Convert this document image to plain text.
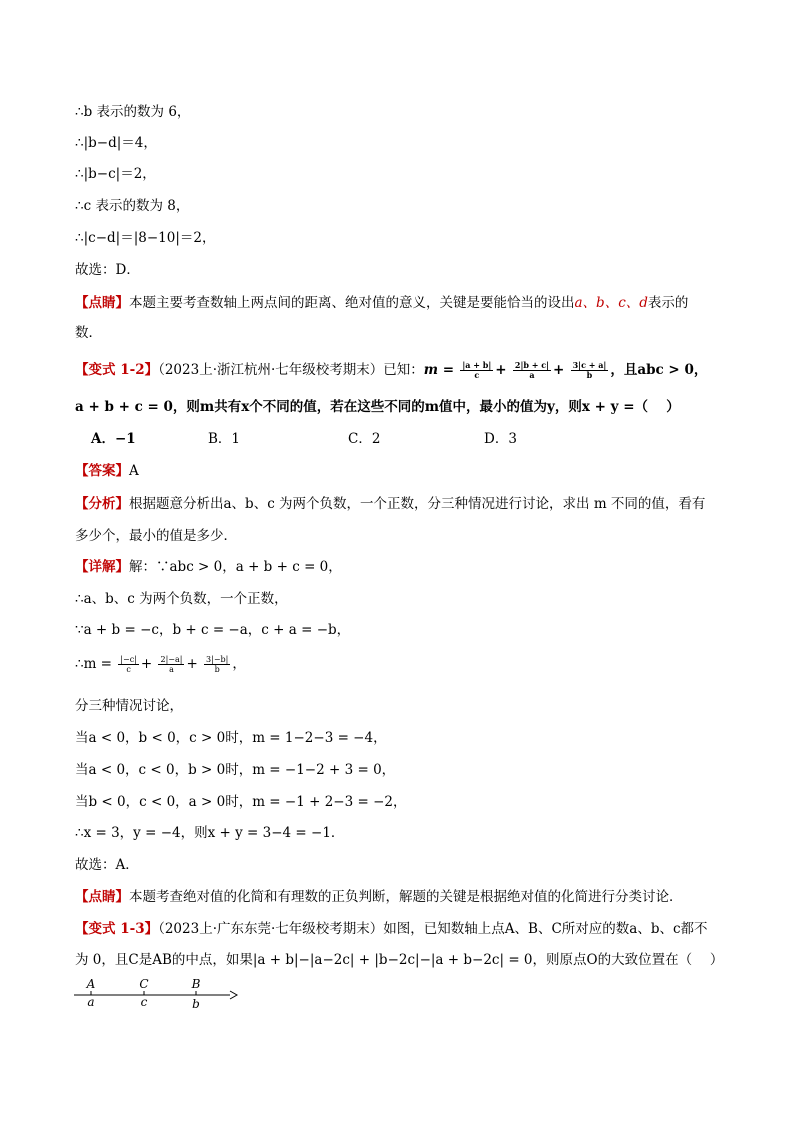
∴b 表示的数为 6，
∴|b−d|＝4，
∴|b−c|＝2，
∴c 表示的数为 8，
∴|c−d|＝|8−10|＝2，
故选：D．
【点睛】本题主要考查数轴上两点间的距离、绝对值的意义，关键是要能恰当的设出a、b、c、d表示的
数．
【变式 1-2】（2023上·浙江杭州·七年级校考期末）已知：$m = \frac{|a + b|}{c} + \frac{2|b + c|}{a} + \frac{3|c + a|}{b}$ ，且abc > 0，
a + b + c = 0，则m共有x个不同的值，若在这些不同的m值中，最小的值为y，则x + y =（　 ）
A．−1	B．1	C．2	D．3
【答案】A
【分析】根据题意分析出a、b、c 为两个负数，一个正数，分三种情况进行讨论，求出 m 不同的值，看有
多少个，最小的值是多少．
【详解】解：∵abc > 0，a + b + c = 0，
∴a、b、c 为两个负数，一个正数，
∵a + b = −c，b + c = −a，c + a = −b，
∴m = $\frac{|-c|}{c} + \frac{2|-a|}{a} + \frac{3|-b|}{b}$ ，
分三种情况讨论，
当a < 0，b < 0，c > 0时，m = 1−2−3 = −4，
当a < 0，c < 0，b > 0时，m = −1−2 + 3 = 0，
当b < 0，c < 0，a > 0时，m = −1 + 2−3 = −2，
∴x = 3，y = −4，则x + y = 3−4 = −1．
故选：A．
【点睛】本题考查绝对值的化简和有理数的正负判断，解题的关键是根据绝对值的化简进行分类讨论．
【变式 1-3】（2023上·广东东莞·七年级校考期末）如图，已知数轴上点A、B、C所对应的数a、b、c都不
为 0，且C是AB的中点，如果|a + b|−|a−2c| + |b−2c|−|a + b−2c| = 0，则原点O的大致位置在（　 ）
A	C	B
a	c	b
